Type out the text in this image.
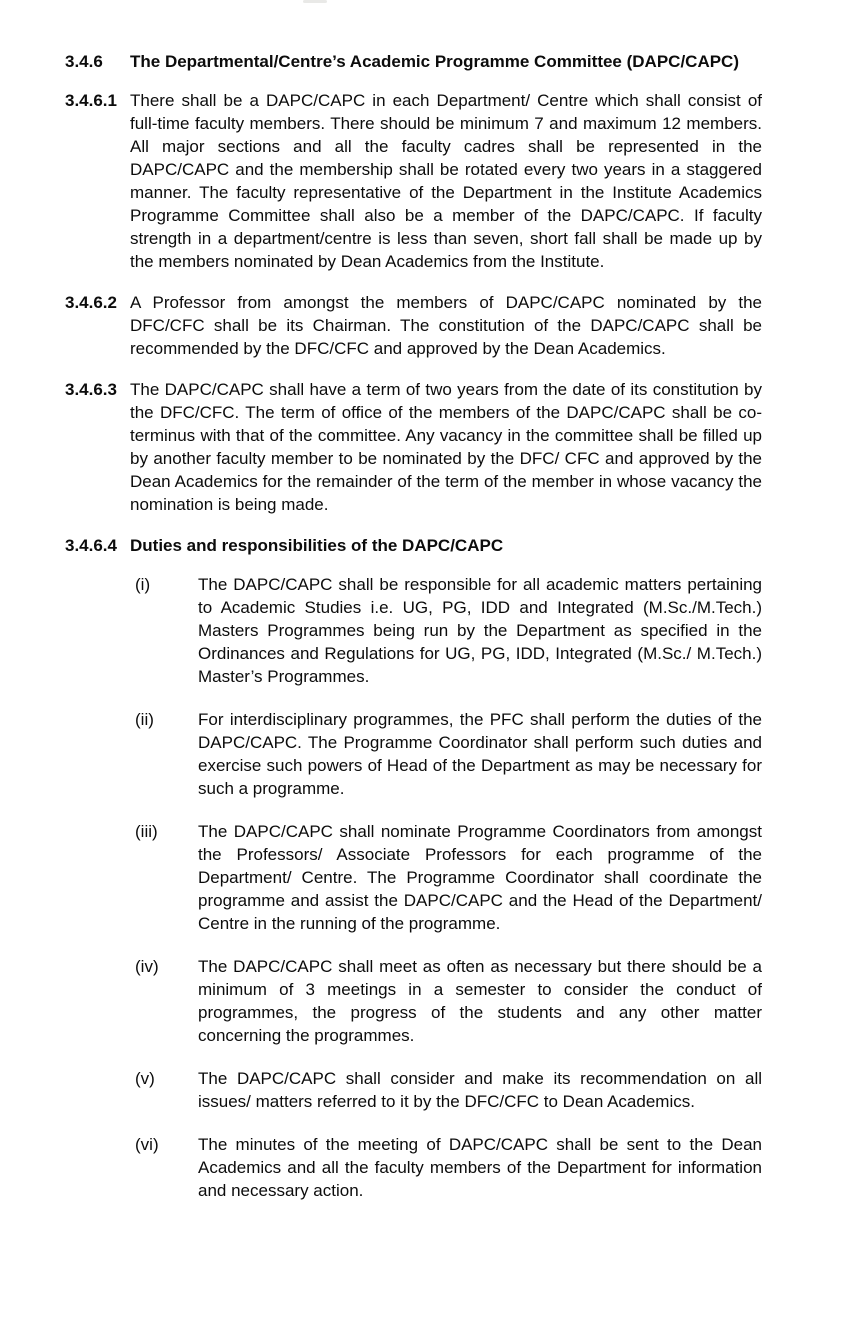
3.4.6	The Departmental/Centre’s Academic Programme Committee (DAPC/​CAPC)
3.4.6.1 There shall be a DAPC/CAPC in each Department/ Centre which shall consist of full-time faculty members. There should be minimum 7 and maximum 12 members. All major sections and all the faculty cadres shall be represented in the DAPC/CAPC and the membership shall be rotated every two years in a staggered manner. The faculty representative of the Department in the Institute Academics Programme Committee shall also be a member of the DAPC/CAPC. If faculty strength in a department/centre is less than seven, short fall shall be made up by the members nominated by Dean Academics from the Institute.
3.4.6.2 A Professor from amongst the members of DAPC/CAPC nominated by the DFC/CFC shall be its Chairman. The constitution of the DAPC/CAPC shall be recommended by the DFC/CFC and approved by the Dean Academics.
3.4.6.3 The DAPC/CAPC shall have a term of two years from the date of its constitution by the DFC/CFC. The term of office of the members of the DAPC/CAPC shall be co-terminus with that of the committee. Any vacancy in the committee shall be filled up by another faculty member to be nominated by the DFC/ CFC and approved by the Dean Academics for the remainder of the term of the member in whose vacancy the nomination is being made.
3.4.6.4 Duties and responsibilities of the DAPC/CAPC
(i)	The DAPC/CAPC shall be responsible for all academic matters pertaining to Academic Studies i.e. UG, PG, IDD and Integrated (M.Sc./M.Tech.) Masters Programmes being run by the Department as specified in the Ordinances and Regulations for UG, PG, IDD, Integrated (M.Sc./ M.Tech.) Master’s Programmes.
(ii)	For interdisciplinary programmes, the PFC shall perform the duties of the DAPC/CAPC. The Programme Coordinator shall perform such duties and exercise such powers of Head of the Department as may be necessary for such a programme.
(iii)	The DAPC/CAPC shall nominate Programme Coordinators from amongst the Professors/ Associate Professors for each programme of the Department/ Centre. The Programme Coordinator shall coordinate the programme and assist the DAPC/CAPC and the Head of the Department/ Centre in the running of the programme.
(iv)	The DAPC/CAPC shall meet as often as necessary but there should be a minimum of 3 meetings in a semester to consider the conduct of programmes, the progress of the students and any other matter concerning the programmes.
(v)	The DAPC/CAPC shall consider and make its recommendation on all issues/ matters referred to it by the DFC/CFC to Dean Academics.
(vi)	The minutes of the meeting of DAPC/CAPC shall be sent to the Dean Academics and all the faculty members of the Department for information and necessary action.
